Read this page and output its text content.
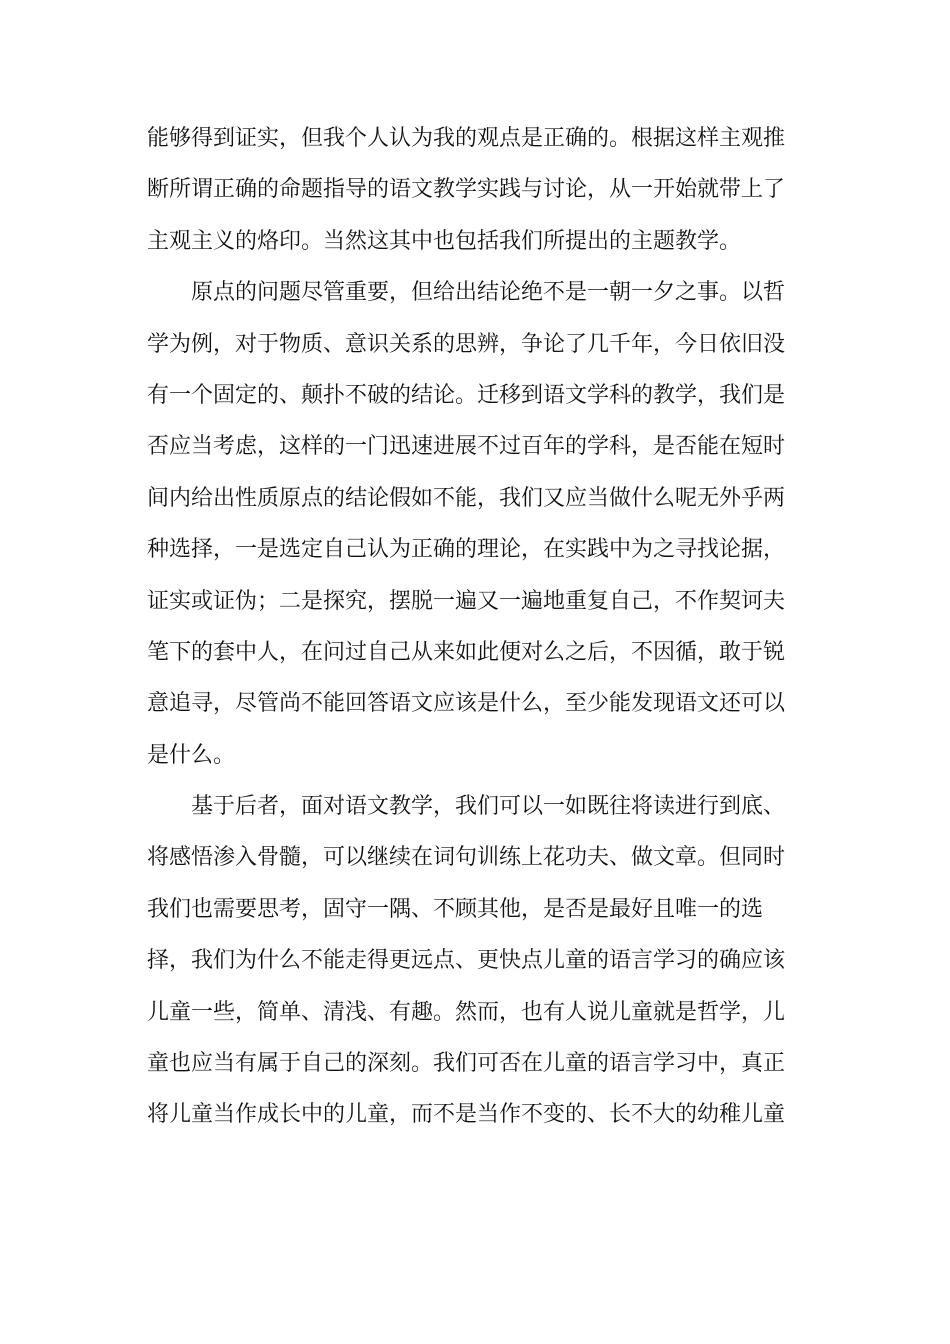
能够得到证实，但我个人认为我的观点是正确的。根据这样主观推
断所谓正确的命题指导的语文教学实践与讨论，从一开始就带上了
主观主义的烙印。当然这其中也包括我们所提出的主题教学。
　　原点的问题尽管重要，但给出结论绝不是一朝一夕之事。以哲
学为例，对于物质、意识关系的思辨，争论了几千年，今日依旧没
有一个固定的、颠扑不破的结论。迁移到语文学科的教学，我们是
否应当考虑，这样的一门迅速进展不过百年的学科，是否能在短时
间内给出性质原点的结论假如不能，我们又应当做什么呢无外乎两
种选择，一是选定自己认为正确的理论，在实践中为之寻找论据，
证实或证伪；二是探究，摆脱一遍又一遍地重复自己，不作契诃夫
笔下的套中人，在问过自己从来如此便对么之后，不因循，敢于锐
意追寻，尽管尚不能回答语文应该是什么，至少能发现语文还可以
是什么。
　　基于后者，面对语文教学，我们可以一如既往将读进行到底、
将感悟渗入骨髓，可以继续在词句训练上花功夫、做文章。但同时
我们也需要思考，固守一隅、不顾其他，是否是最好且唯一的选
择，我们为什么不能走得更远点、更快点儿童的语言学习的确应该
儿童一些，简单、清浅、有趣。然而，也有人说儿童就是哲学，儿
童也应当有属于自己的深刻。我们可否在儿童的语言学习中，真正
将儿童当作成长中的儿童，而不是当作不变的、长不大的幼稚儿童
